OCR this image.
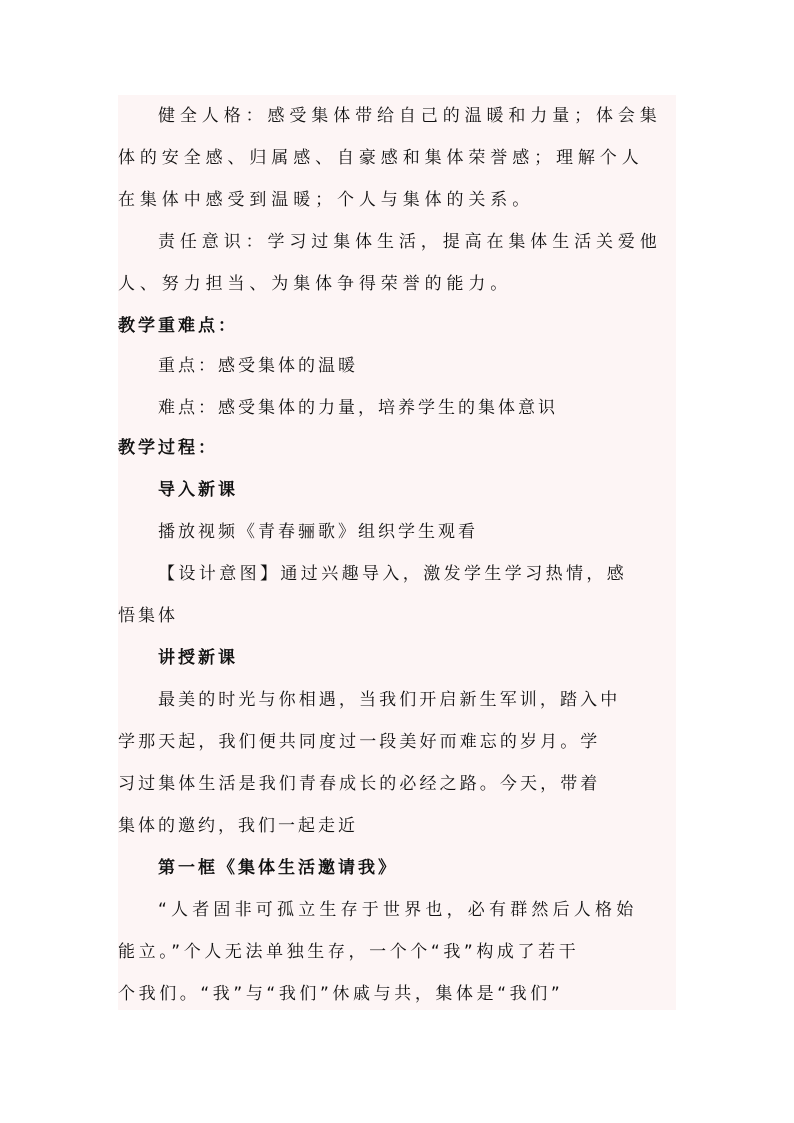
健全人格：感受集体带给自己的温暖和力量；体会集
体的安全感、归属感、自豪感和集体荣誉感；理解个人
在集体中感受到温暖；个人与集体的关系。
责任意识：学习过集体生活，提高在集体生活关爱他
人、努力担当、为集体争得荣誉的能力。
教学重难点：
重点：感受集体的温暖
难点：感受集体的力量，培养学生的集体意识
教学过程：
导入新课
播放视频《青春骊歌》组织学生观看
【设计意图】通过兴趣导入，激发学生学习热情，感
悟集体
讲授新课
最美的时光与你相遇，当我们开启新生军训，踏入中
学那天起，我们便共同度过一段美好而难忘的岁月。学
习过集体生活是我们青春成长的必经之路。今天，带着
集体的邀约，我们一起走近
第一框《集体生活邀请我》
“人者固非可孤立生存于世界也，必有群然后人格始
能立。”个人无法单独生存，一个个“我”构成了若干
个我们。“我”与“我们”休戚与共，集体是“我们”
